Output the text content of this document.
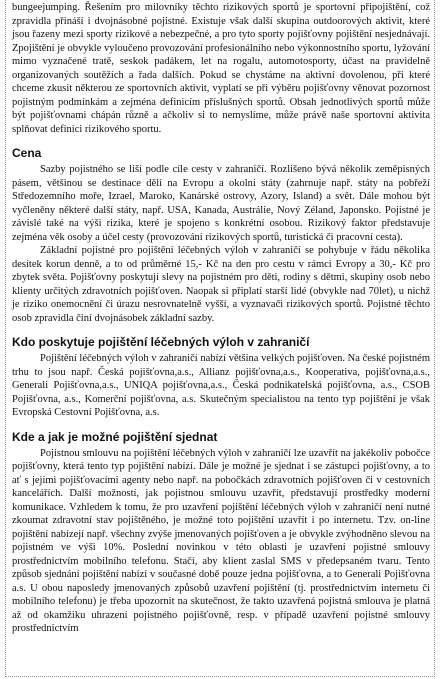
bungeejumping. Řešením pro milovníky těchto rizikových sportů je sportovní připojištění, což zpravidla přináší i dvojnásobné pojistné. Existuje však další skupina outdoorových aktivit, které jsou řazeny mezi sporty rizikové a nebezpečné, a pro tyto sporty pojišťovny pojištění nesjednávají. Zpojištění je obvykle vyloučeno provozování profesionálního nebo výkonnostního sportu, lyžování mimo vyznačené tratě, seskok padákem, let na rogalu, automotosporty, účast na pravidelně organizovaných soutěžích a řada dalších. Pokud se chystáme na aktivní dovolenou, při které chceme zkusit některou ze sportovních aktivit, vyplatí se při výběru pojišťovny věnovat pozornost pojistným podmínkám a zejména definicím příslušných sportů. Obsah jednotlivých sportů může být pojišťovnami chápán různě a ačkoliv si to nemyslíme, může právě naše sportovní aktivita splňovat definici rizikového sportu.

Cena

Sazby pojistného se liší podle cíle cesty v zahraničí. Rozlišeno bývá několik zeměpisných pásem, většinou se destinace dělí na Evropu a okolní státy (zahrnuje např. státy na pobřeží Středozemního moře, Izrael, Maroko, Kanárské ostrovy, Azory, Island) a svět. Dále mohou být vyčleněny některé další státy, např. USA, Kanada, Austrálie, Nový Zéland, Japonsko. Pojistné je závislé také na výši rizika, které je spojeno s konkrétní osobou. Rizikový faktor představuje zejména věk osoby a účel cesty (provozování rizikových sportů, turistická či pracovní cesta).

Základní pojistné pro pojištění léčebných výloh v zahraničí se pohybuje v řádu několika desítek korun denně, a to od průměrné 15,- Kč na den pro cestu v rámci Evropy a 30,- Kč pro zbytek světa. Pojišťovny poskytují slevy na pojistném pro děti, rodiny s dětmi, skupiny osob nebo klienty určitých zdravotních pojišťoven. Naopak si připlatí starší lidé (obvykle nad 70let), u nichž je riziko onemocnění či úrazu nesrovnatelně vyšší, a vyznavači rizikových sportů. Pojistné těchto osob zpravidla činí dvojnásobek základní sazby.

Kdo poskytuje pojištění léčebných výloh v zahraničí

Pojištění léčebných výloh v zahraničí nabízí většina velkých pojišťoven. Na české pojistném trhu to jsou např. Česká pojišťovna,a.s., Allianz pojišťovna,a.s., Kooperativa, pojišťovna,a.s., Generali Pojišťovna,a.s., UNIQA pojišťovna,a.s., Česká podnikatelská pojišťovna, a.s., CSOB Pojišťovna, a.s., Komerční pojišťovna, a.s. Skutečným specialistou na tento typ pojištění je však Evropská Cestovní Pojišťovna, a.s.

Kde a jak je možné pojištění sjednat

Pojistnou smlouvu na pojištění léčebných výloh v zahraničí lze uzavřít na jakékoliv pobočce pojišťovny, která tento typ pojištění nabízí. Dále je možné je sjednat i se zástupci pojišťovny, a to ať s jejími pojišťovacími agenty nebo např. na pobočkách zdravotních pojišťoven či v cestovních kancelářích. Další možností, jak pojistnou smlouvu uzavřít, představují prostředky moderní komunikace. Vzhledem k tomu, že pro uzavření pojištění léčebných výloh v zahraničí není nutné zkoumat zdravotní stav pojištěného, je možné toto pojištění uzavřít i po internetu. Tzv. on-line pojištění nabízejí např. všechny zvýše jmenovaných pojišťoven a je obvykle zvýhodněno slevou na pojistném ve výši 10%. Poslední novinkou v této oblasti je uzavření pojistné smlouvy prostřednictvím mobilního telefonu. Stačí, aby klient zaslal SMS v předepsaném tvaru. Tento způsob sjednání pojištění nabízí v současné době pouze jedna pojišťovna, a to Generali Pojišťovna a.s. U obou naposledy jmenovaných způsobů uzavření pojištění (tj. prostřednictvím internetu či mobilního telefonu) je třeba upozornit na skutečnost, že takto uzavřená pojistná smlouva je platná až od okamžiku uhrazení pojistného pojišťovně, resp. v případě uzavření pojistné smlouvy prostřednictvím
